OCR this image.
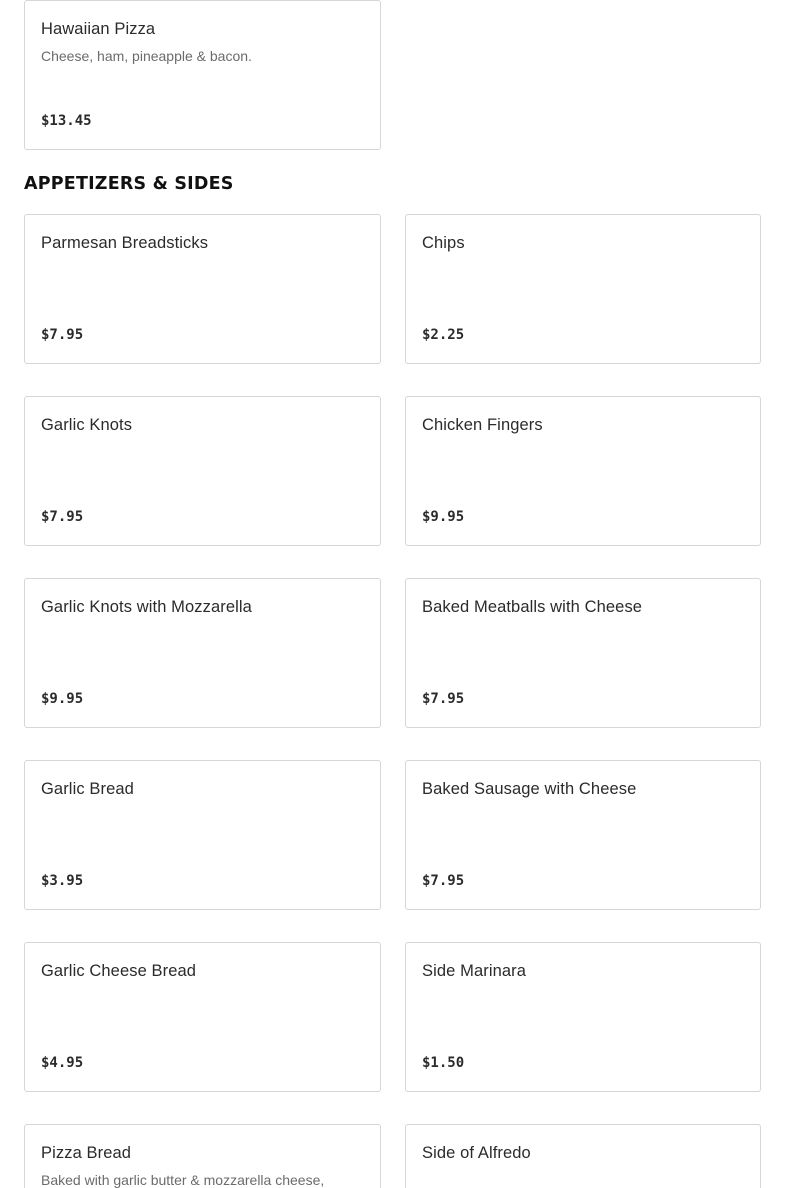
Hawaiian Pizza
Cheese, ham, pineapple & bacon.
$13.45
APPETIZERS & SIDES
Parmesan Breadsticks
$7.95
Chips
$2.25
Garlic Knots
$7.95
Chicken Fingers
$9.95
Garlic Knots with Mozzarella
$9.95
Baked Meatballs with Cheese
$7.95
Garlic Bread
$3.95
Baked Sausage with Cheese
$7.95
Garlic Cheese Bread
$4.95
Side Marinara
$1.50
Pizza Bread
Baked with garlic butter & mozzarella cheese,
Side of Alfredo
